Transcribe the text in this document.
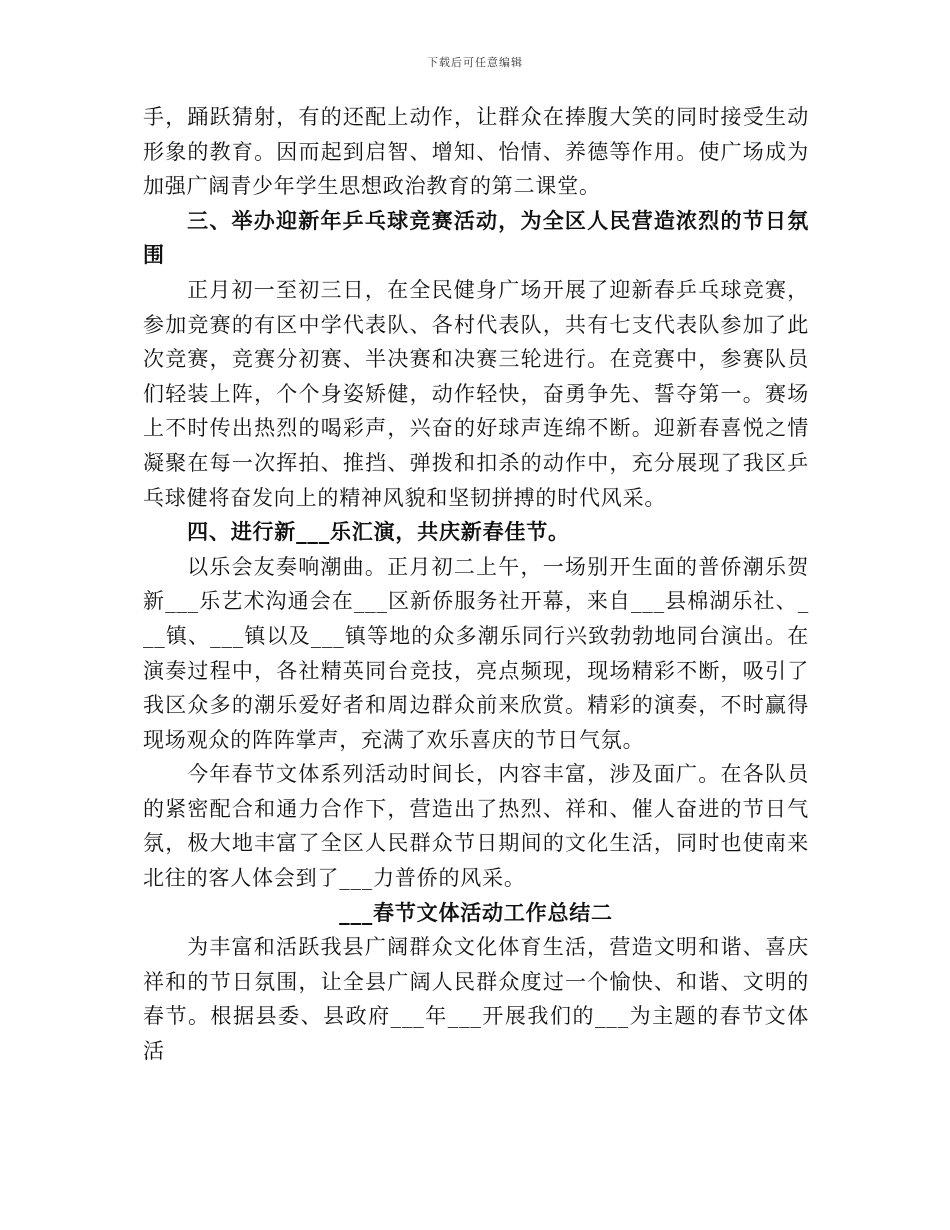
下载后可任意编辑

手，踊跃猜射，有的还配上动作，让群众在捧腹大笑的同时接受生动形象的教育。因而起到启智、增知、怡情、养德等作用。使广场成为加强广阔青少年学生思想政治教育的第二课堂。

三、举办迎新年乒乓球竞赛活动，为全区人民营造浓烈的节日氛围

正月初一至初三日，在全民健身广场开展了迎新春乒乓球竞赛，参加竞赛的有区中学代表队、各村代表队，共有七支代表队参加了此次竞赛，竞赛分初赛、半决赛和决赛三轮进行。在竞赛中，参赛队员们轻装上阵，个个身姿矫健，动作轻快，奋勇争先、誓夺第一。赛场上不时传出热烈的喝彩声，兴奋的好球声连绵不断。迎新春喜悦之情凝聚在每一次挥拍、推挡、弹拨和扣杀的动作中，充分展现了我区乒乓球健将奋发向上的精神风貌和坚韧拼搏的时代风采。

四、进行新___乐汇演，共庆新春佳节。

以乐会友奏响潮曲。正月初二上午，一场别开生面的普侨潮乐贺新___乐艺术沟通会在___区新侨服务社开幕，来自___县棉湖乐社、___镇、___镇以及___镇等地的众多潮乐同行兴致勃勃地同台演出。在演奏过程中，各社精英同台竞技，亮点频现，现场精彩不断，吸引了我区众多的潮乐爱好者和周边群众前来欣赏。精彩的演奏，不时赢得现场观众的阵阵掌声，充满了欢乐喜庆的节日气氛。

今年春节文体系列活动时间长，内容丰富，涉及面广。在各队员的紧密配合和通力合作下，营造出了热烈、祥和、催人奋进的节日气氛，极大地丰富了全区人民群众节日期间的文化生活，同时也使南来北往的客人体会到了___力普侨的风采。

___春节文体活动工作总结二

为丰富和活跃我县广阔群众文化体育生活，营造文明和谐、喜庆祥和的节日氛围，让全县广阔人民群众度过一个愉快、和谐、文明的春节。根据县委、县政府___年___开展我们的___为主题的春节文体活
